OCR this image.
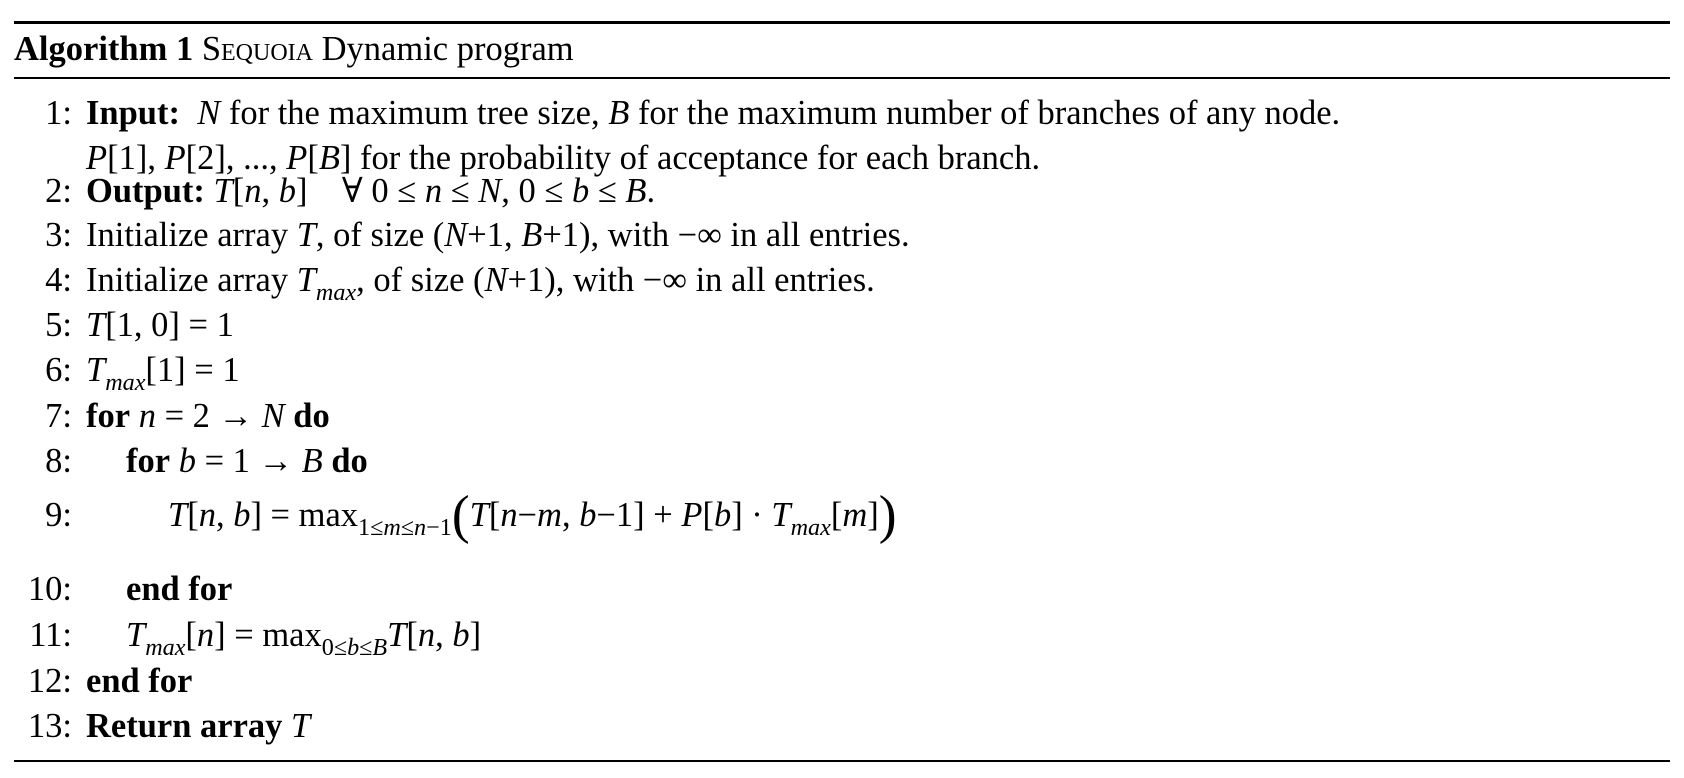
Algorithm 1 Sequoia Dynamic program
1: Input: N for the maximum tree size, B for the maximum number of branches of any node.
P[1], P[2], ..., P[B] for the probability of acceptance for each branch.
2: Output: T[n, b]    ∀ 0 ≤ n ≤ N, 0 ≤ b ≤ B.
3: Initialize array T, of size (N+1, B+1), with −∞ in all entries.
4: Initialize array $T_{max}$, of size (N+1), with −∞ in all entries.
5: T[1, 0] = 1
6: $T_{max}[1] = 1$
7: for n = 2 → N do
8: for b = 1 → B do
9:	T[n, $b] = \max_{1\le m\le n-1}(T[n-m$, $b-1] + P[b] \cdot T_{max}[m]$)
10: end for
11: $T_{max}[n] = \max_{0\le b\le B}T[n$, b]
12: end for
13: Return array T
